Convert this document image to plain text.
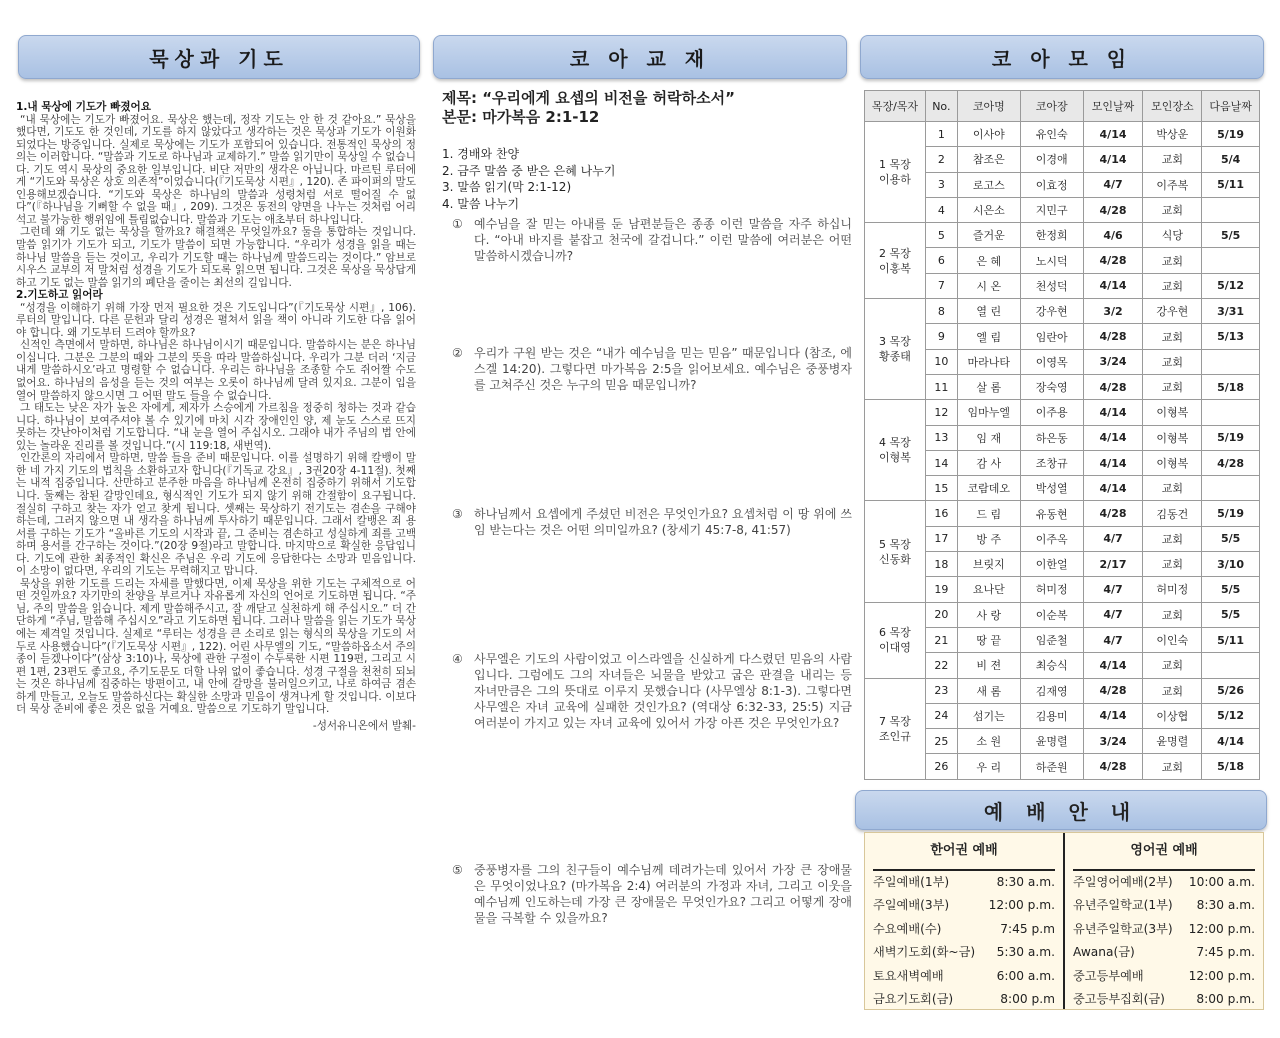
묵상과 기도	코 아 교 재	코 아 모 임

1.내 묵상에 기도가 빠졌어요

“내 묵상에는 기도가 빠졌어요. 묵상은 했는데, 정작 기도는 안 한 것 같아요.” 묵상을 했다면, 기도도 한 것인데, 기도를 하지 않았다고 생각하는 것은 묵상과 기도가 이원화되었다는 방증입니다. 실제로 묵상에는 기도가 포함되어 있습니다. 전통적인 묵상의 정의는 이러합니다. “말씀과 기도로 하나님과 교제하기.” 말씀 읽기만이 묵상일 수 없습니다. 기도 역시 묵상의 중요한 일부입니다. 비단 저만의 생각은 아닙니다. 마르틴 루터에게 “기도와 묵상은 상호 의존적”이었습니다(『기도묵상 시편』, 120). 존 파이퍼의 말도 인용해보겠습니다. “기도와 묵상은 하나님의 말씀과 성령처럼 서로 떨어질 수 없다”(『하나님을 기뻐할 수 없을 때』, 209). 그것은 동전의 양면을 나누는 것처럼 어리석고 불가능한 행위임에 틀림없습니다. 말씀과 기도는 애초부터 하나입니다.

그런데 왜 기도 없는 묵상을 할까요? 해결책은 무엇일까요? 둘을 통합하는 것입니다. 말씀 읽기가 기도가 되고, 기도가 말씀이 되면 가능합니다. “우리가 성경을 읽을 때는 하나님 말씀을 듣는 것이고, 우리가 기도할 때는 하나님께 말씀드리는 것이다.” 암브로시우스 교부의 저 말처럼 성경을 기도가 되도록 읽으면 됩니다. 그것은 묵상을 묵상답게 하고 기도 없는 말씀 읽기의 폐단을 줄이는 최선의 길입니다.

2.기도하고 읽어라

“성경을 이해하기 위해 가장 먼저 필요한 것은 기도입니다”(『기도묵상 시편』, 106). 루터의 말입니다. 다른 문헌과 달리 성경은 펼쳐서 읽을 책이 아니라 기도한 다음 읽어야 합니다. 왜 기도부터 드려야 할까요?

신적인 측면에서 말하면, 하나님은 하나님이시기 때문입니다. 말씀하시는 분은 하나님이십니다. 그분은 그분의 때와 그분의 뜻을 따라 말씀하십니다. 우리가 그분 더러 ‘지금 내게 말씀하시오’라고 명령할 수 없습니다. 우리는 하나님을 조종할 수도 쥐어짤 수도 없어요. 하나님의 음성을 듣는 것의 여부는 오롯이 하나님께 달려 있지요. 그분이 입을 열어 말씀하지 않으시면 그 어떤 말도 들을 수 없습니다.

그 태도는 낮은 자가 높은 자에게, 제자가 스승에게 가르침을 정중히 청하는 것과 같습니다. 하나님이 보여주셔야 볼 수 있기에 마치 시각 장애인인 양, 제 눈도 스스로 뜨지 못하는 갓난아이처럼 기도합니다. “내 눈을 열어 주십시오. 그래야 내가 주님의 법 안에 있는 놀라운 진리를 볼 것입니다.”(시 119:18, 새번역).

인간론의 자리에서 말하면, 말씀 들을 준비 때문입니다. 이를 설명하기 위해 칼뱅이 말한 네 가지 기도의 법칙을 소환하고자 합니다(『기독교 강요』, 3권20장 4-11절). 첫째는 내적 집중입니다. 산만하고 분주한 마음을 하나님께 온전히 집중하기 위해서 기도합니다. 둘째는 참된 갈망인데요, 형식적인 기도가 되지 않기 위해 간절함이 요구됩니다. 절실히 구하고 찾는 자가 얻고 찾게 됩니다. 셋째는 묵상하기 전기도는 겸손을 구해야 하는데, 그러지 않으면 내 생각을 하나님께 투사하기 때문입니다. 그래서 칼뱅은 죄 용서를 구하는 기도가 “올바른 기도의 시작과 끝, 그 준비는 겸손하고 성실하게 죄를 고백하며 용서를 간구하는 것이다.”(20장 9절)라고 말합니다. 마지막으로 확실한 응답입니다. 기도에 관한 최종적인 확신은 주님은 우리 기도에 응답한다는 소망과 믿음입니다. 이 소망이 없다면, 우리의 기도는 무력해지고 맙니다.

묵상을 위한 기도를 드리는 자세를 말했다면, 이제 묵상을 위한 기도는 구체적으로 어떤 것일까요? 자기만의 찬양을 부르거나 자유롭게 자신의 언어로 기도하면 됩니다. “주님, 주의 말씀을 읽습니다. 제게 말씀해주시고, 잘 깨닫고 실천하게 해 주십시오.” 더 간단하게 “주님, 말씀해 주십시오”라고 기도하면 됩니다. 그러나 말씀을 읽는 기도가 묵상에는 제격일 것입니다. 실제로 “루터는 성경을 큰 소리로 읽는 형식의 묵상을 기도의 서두로 사용했습니다”(『기도묵상 시편』, 122). 어린 사무엘의 기도, “말씀하옵소서 주의 종이 듣겠나이다”(삼상 3:10)나, 묵상에 관한 구절이 수두룩한 시편 119편, 그리고 시편 1편, 23편도 좋고요, 주기도문도 더할 나위 없이 좋습니다. 성경 구절을 천천히 되뇌는 것은 하나님께 집중하는 방편이고, 내 안에 갈망을 불러일으키고, 나로 하여금 겸손하게 만들고, 오늘도 말씀하신다는 확실한 소망과 믿음이 생겨나게 할 것입니다. 이보다 더 묵상 준비에 좋은 것은 없을 거예요. 말씀으로 기도하기 말입니다.

-성서유니온에서 발췌-

제목: “우리에게 요셉의 비전을 허락하소서”
본문: 마가복음 2:1-12
1. 경배와 찬양
2. 금주 말씀 중 받은 은혜 나누기
3. 말씀 읽기(막 2:1-12)
4. 말씀 나누기
① 예수님을 잘 믿는 아내를 둔 남편분들은 종종 이런 말씀을 자주 하십니다. “아내 바지를 붙잡고 천국에 갈겁니다.” 이런 말씀에 여러분은 어떤 말씀하시겠습니까?
② 우리가 구원 받는 것은 “내가 예수님을 믿는 믿음” 때문입니다 (참조, 에스겔 14:20). 그렇다면 마가복음 2:5을 읽어보세요. 예수님은 중풍병자를 고쳐주신 것은 누구의 믿음 때문입니까?
③ 하나님께서 요셉에게 주셨던 비전은 무엇인가요? 요셉처럼 이 땅 위에 쓰임 받는다는 것은 어떤 의미일까요? (창세기 45:7-8, 41:57)
④ 사무엘은 기도의 사람이었고 이스라엘을 신실하게 다스렸던 믿음의 사람입니다. 그럼에도 그의 자녀들은 뇌물을 받았고 굽은 판결을 내리는 등 자녀만큼은 그의 뜻대로 이루지 못했습니다 (사무엘상 8:1-3). 그렇다면 사무엘은 자녀 교육에 실패한 것인가요? (역대상 6:32-33, 25:5) 지금 여러분이 가지고 있는 자녀 교육에 있어서 가장 아픈 것은 무엇인가요?
⑤ 중풍병자를 그의 친구들이 예수님께 데려가는데 있어서 가장 큰 장애물은 무엇이었나요? (마가복음 2:4) 여러분의 가정과 자녀, 그리고 이웃을 예수님께 인도하는데 가장 큰 장애물은 무엇인가요? 그리고 어떻게 장애물을 극복할 수 있을까요?
목장/목자	No.	코아명	코아장	모인날짜	모인장소	다음날짜

1 목장
이용하	1	이사야	유인숙	4/14	박상운	5/19
	2	참조은	이경애	4/14	교회	5/4
	3	로고스	이효정	4/7	이주복	5/11
	4	시은소	지민구	4/28	교회	

2 목장
이홍복	5	즐거운	한정희	4/6	식당	5/5
	6	은 혜	노시덕	4/28	교회	
	7	시 온	천성덕	4/14	교회	5/12

3 목장
황종태	8	열 린	강우현	3/2	강우현	3/31
	9	엘 림	임란아	4/28	교회	5/13
	10	마라나타	이영목	3/24	교회	
	11	살 롬	장숙영	4/28	교회	5/18

4 목장
이형복	12	임마누엘	이주용	4/14	이형복	
	13	임 재	하은동	4/14	이형복	5/19
	14	감 사	조창규	4/14	이형복	4/28
	15	코람데오	박성열	4/14	교회	

5 목장
신동화	16	드 림	유동현	4/28	김동건	5/19
	17	방 주	이주옥	4/7	교회	5/5
	18	브릿지	이한얼	2/17	교회	3/10
	19	요나단	허미정	4/7	허미정	5/5

6 목장
이대영	20	사 랑	이순복	4/7	교회	5/5
	21	땅 끝	임준철	4/7	이인숙	5/11
	22	비 젼	최승식	4/14	교회	

7 목장
조인규	23	새 롬	김재영	4/28	교회	5/26
	24	섬기는	김용미	4/14	이상협	5/12
	25	소 원	윤명렬	3/24	윤명렬	4/14
	26	우 리	하준원	4/28	교회	5/18
예 배 안 내
한어권 예배
주일예배(1부)	8:30 a.m.
주일예배(3부)	12:00 p.m.
수요예배(수)	7:45 p.m
새벽기도회(화~금) 5:30 a.m.
토요새벽예배	6:00 a.m.
금요기도회(금)	8:00 p.m
영어권 예배
주일영어예배(2부) 10:00 a.m.
유년주일학교(1부) 8:30 a.m.
유년주일학교(3부) 12:00 p.m.
Awana(금)	7:45 p.m.
중고등부예배	12:00 p.m.
중고등부집회(금)	8:00 p.m.
